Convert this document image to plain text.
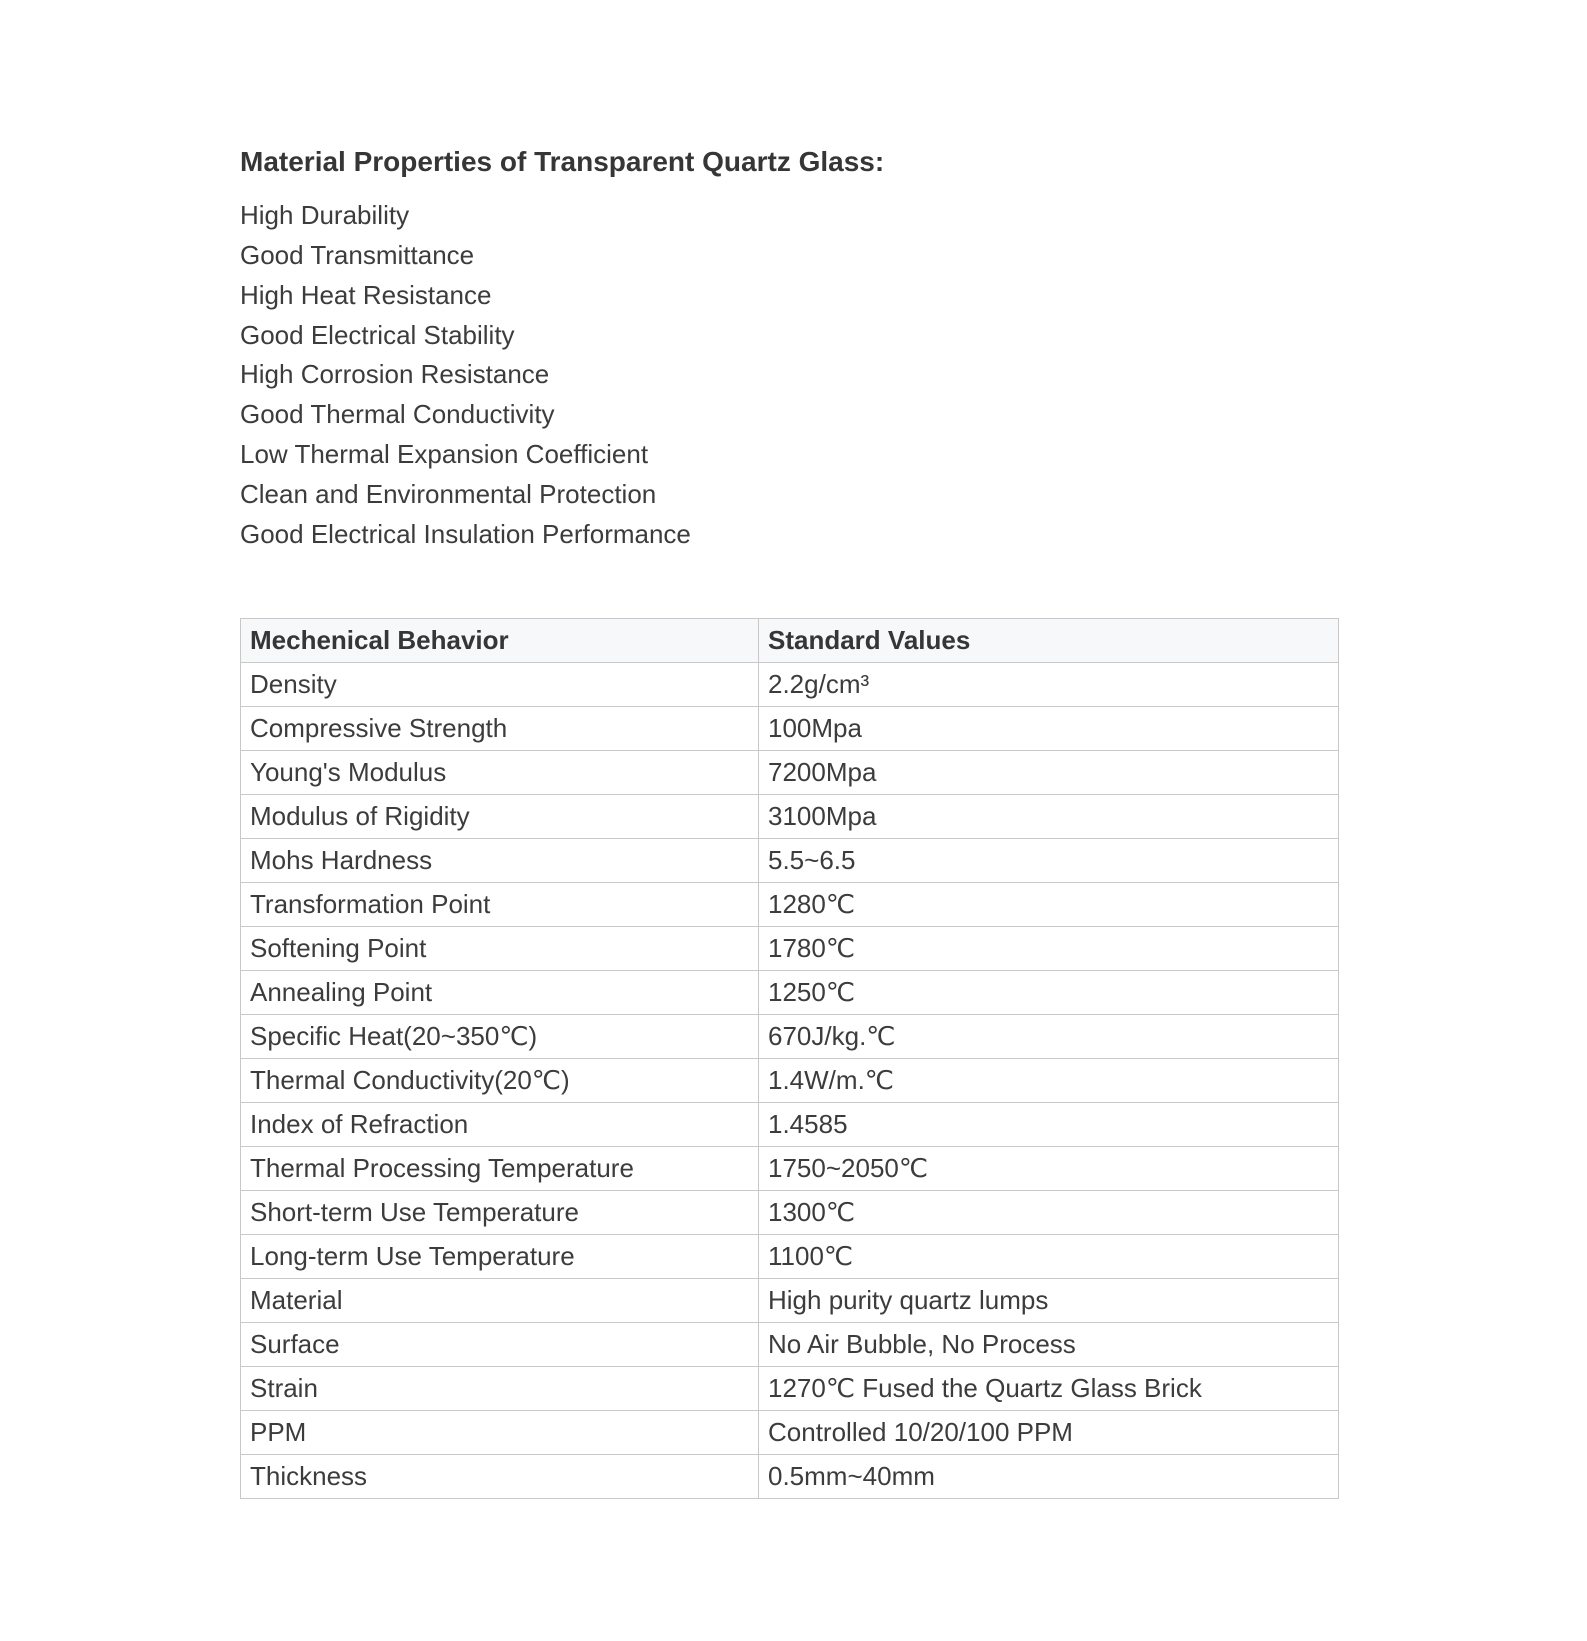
Material Properties of Transparent Quartz Glass:
High Durability
Good Transmittance
High Heat Resistance
Good Electrical Stability
High Corrosion Resistance
Good Thermal Conductivity
Low Thermal Expansion Coefficient
Clean and Environmental Protection
Good Electrical Insulation Performance
Mechenical Behavior	Standard Values
Density	2.2g/cm³
Compressive Strength	100Mpa
Young's Modulus	7200Mpa
Modulus of Rigidity	3100Mpa
Mohs Hardness	5.5~6.5
Transformation Point	1280℃
Softening Point	1780℃
Annealing Point	1250℃
Specific Heat(20~350℃)	670J/kg.℃
Thermal Conductivity(20℃)	1.4W/m.℃
Index of Refraction	1.4585
Thermal Processing Temperature	1750~2050℃
Short-term Use Temperature	1300℃
Long-term Use Temperature	1100℃
Material	High purity quartz lumps
Surface	No Air Bubble, No Process
Strain	1270℃ Fused the Quartz Glass Brick
PPM	Controlled 10/20/100 PPM
Thickness	0.5mm~40mm
